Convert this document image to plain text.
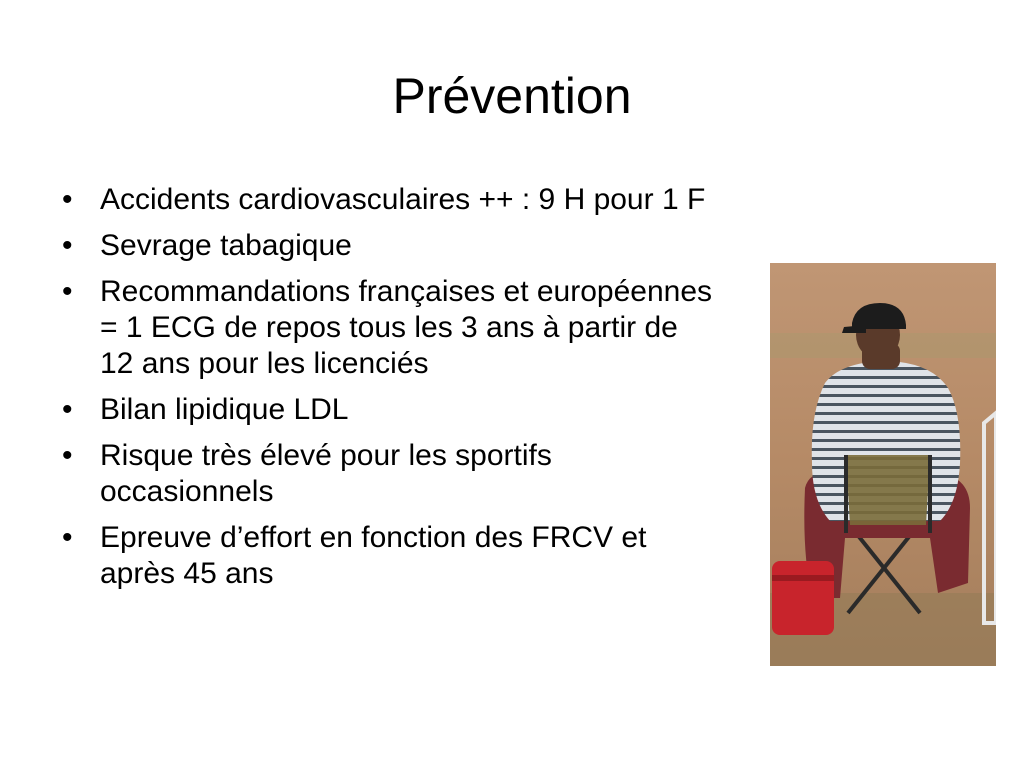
Prévention
• Accidents cardiovasculaires ++ : 9 H pour 1 F
• Sevrage tabagique
• Recommandations françaises et européennes = 1 ECG de repos tous les 3 ans à partir de 12 ans pour les licenciés
• Bilan lipidique LDL
• Risque très élevé pour les sportifs occasionnels
• Epreuve d’effort en fonction des FRCV et après 45 ans
